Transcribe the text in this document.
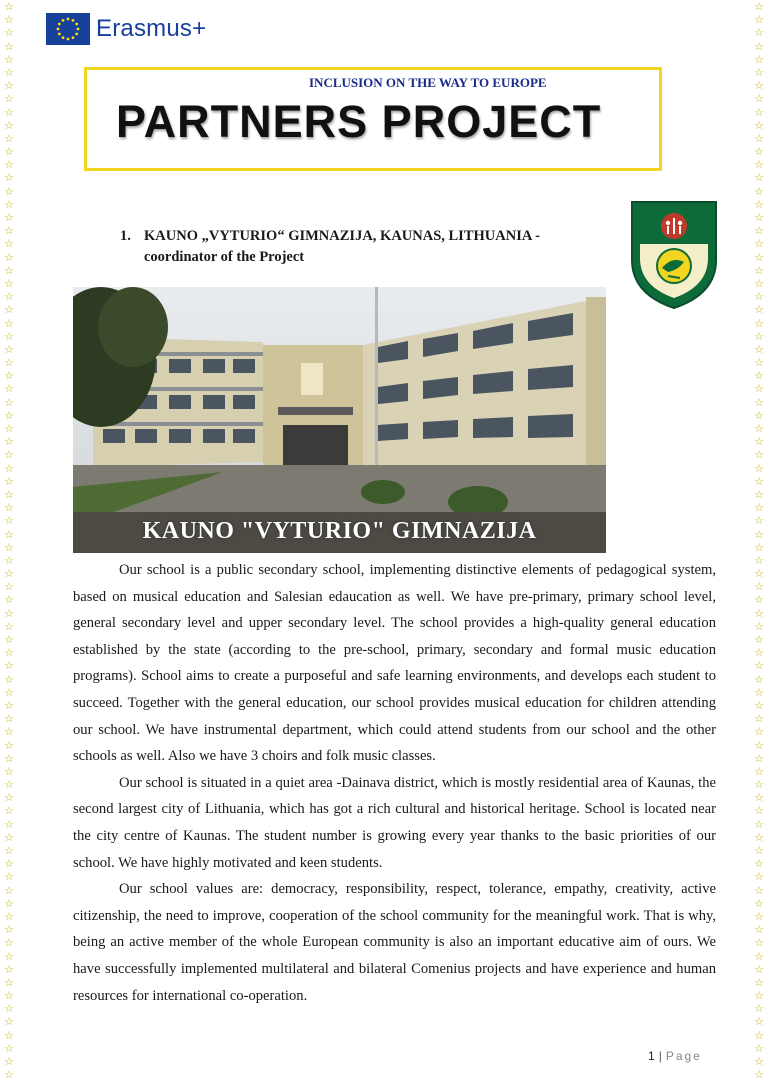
☆
☆
☆
☆
☆
☆
☆
☆
☆
☆
☆
☆
☆
☆
☆
☆
☆
☆
☆
☆
☆
☆
☆
☆
☆
☆
☆
☆
☆
☆
☆
☆
☆
☆
☆
☆
☆
☆
☆
☆
☆
☆
☆
☆
☆
☆
☆
☆
☆
☆
☆
☆
☆
☆
☆
☆
☆
☆
☆
☆
☆
☆
☆
☆
☆
☆
☆
☆
☆
☆
☆
☆
☆
☆
☆
☆
☆
☆
☆
☆
☆
☆
☆
☆
☆
☆
☆
☆
☆
☆
☆
☆
☆
☆
☆
☆
☆
☆
☆
☆
☆
☆
☆
☆
☆
☆
☆
☆
☆
☆
☆
☆
☆
☆
☆
☆
☆
☆
☆
☆
☆
☆
☆
☆
☆
☆
☆
☆
☆
☆
☆
☆
☆
☆
☆
☆
☆
☆
☆
☆
☆
☆
☆
☆
☆
☆
☆
☆
☆
☆
☆
☆
☆
☆
☆
☆
☆
☆
☆
☆
☆
☆
☆
☆
Erasmus+
INCLUSION ON THE WAY TO EUROPE
PARTNERS PROJECT
1. KAUNO „VYTURIO“ GIMNAZIJA, KAUNAS, LITHUANIA -
coordinator of the Project
KAUNO "VYTURIO" GIMNAZIJA

Our school is a public secondary school, implementing distinctive elements of pedagogical system, based on musical education and Salesian edaucation as well. We have pre-primary, primary school level, general secondary level and upper secondary level. The school provides a high-quality general education established by the state (according to the pre-school, primary, secondary and formal music education programs). School aims to create a purposeful and safe learning environments, and develops each student to succeed. Together with the general education, our school provides musical education for children attending our school. We have instrumental department, which could attend students from our school and the other schools as well. Also we have 3 choirs and folk music classes.

Our school is situated in a quiet area -Dainava district, which is mostly residential area of Kaunas, the second largest city of Lithuania, which has got a rich cultural and historical heritage. School is located near the city centre of Kaunas. The student number is growing every year thanks to the basic priorities of our school. We have highly motivated and keen students.

Our school values are: democracy, responsibility, respect, tolerance, empathy, creativity, active citizenship, the need to improve, cooperation of the school community for the meaningful work. That is why, being an active member of the whole European community is also an important educative aim of ours. We have successfully implemented multilateral and bilateral Comenius projects and have experience and human resources for international co-operation.

1 | Page
